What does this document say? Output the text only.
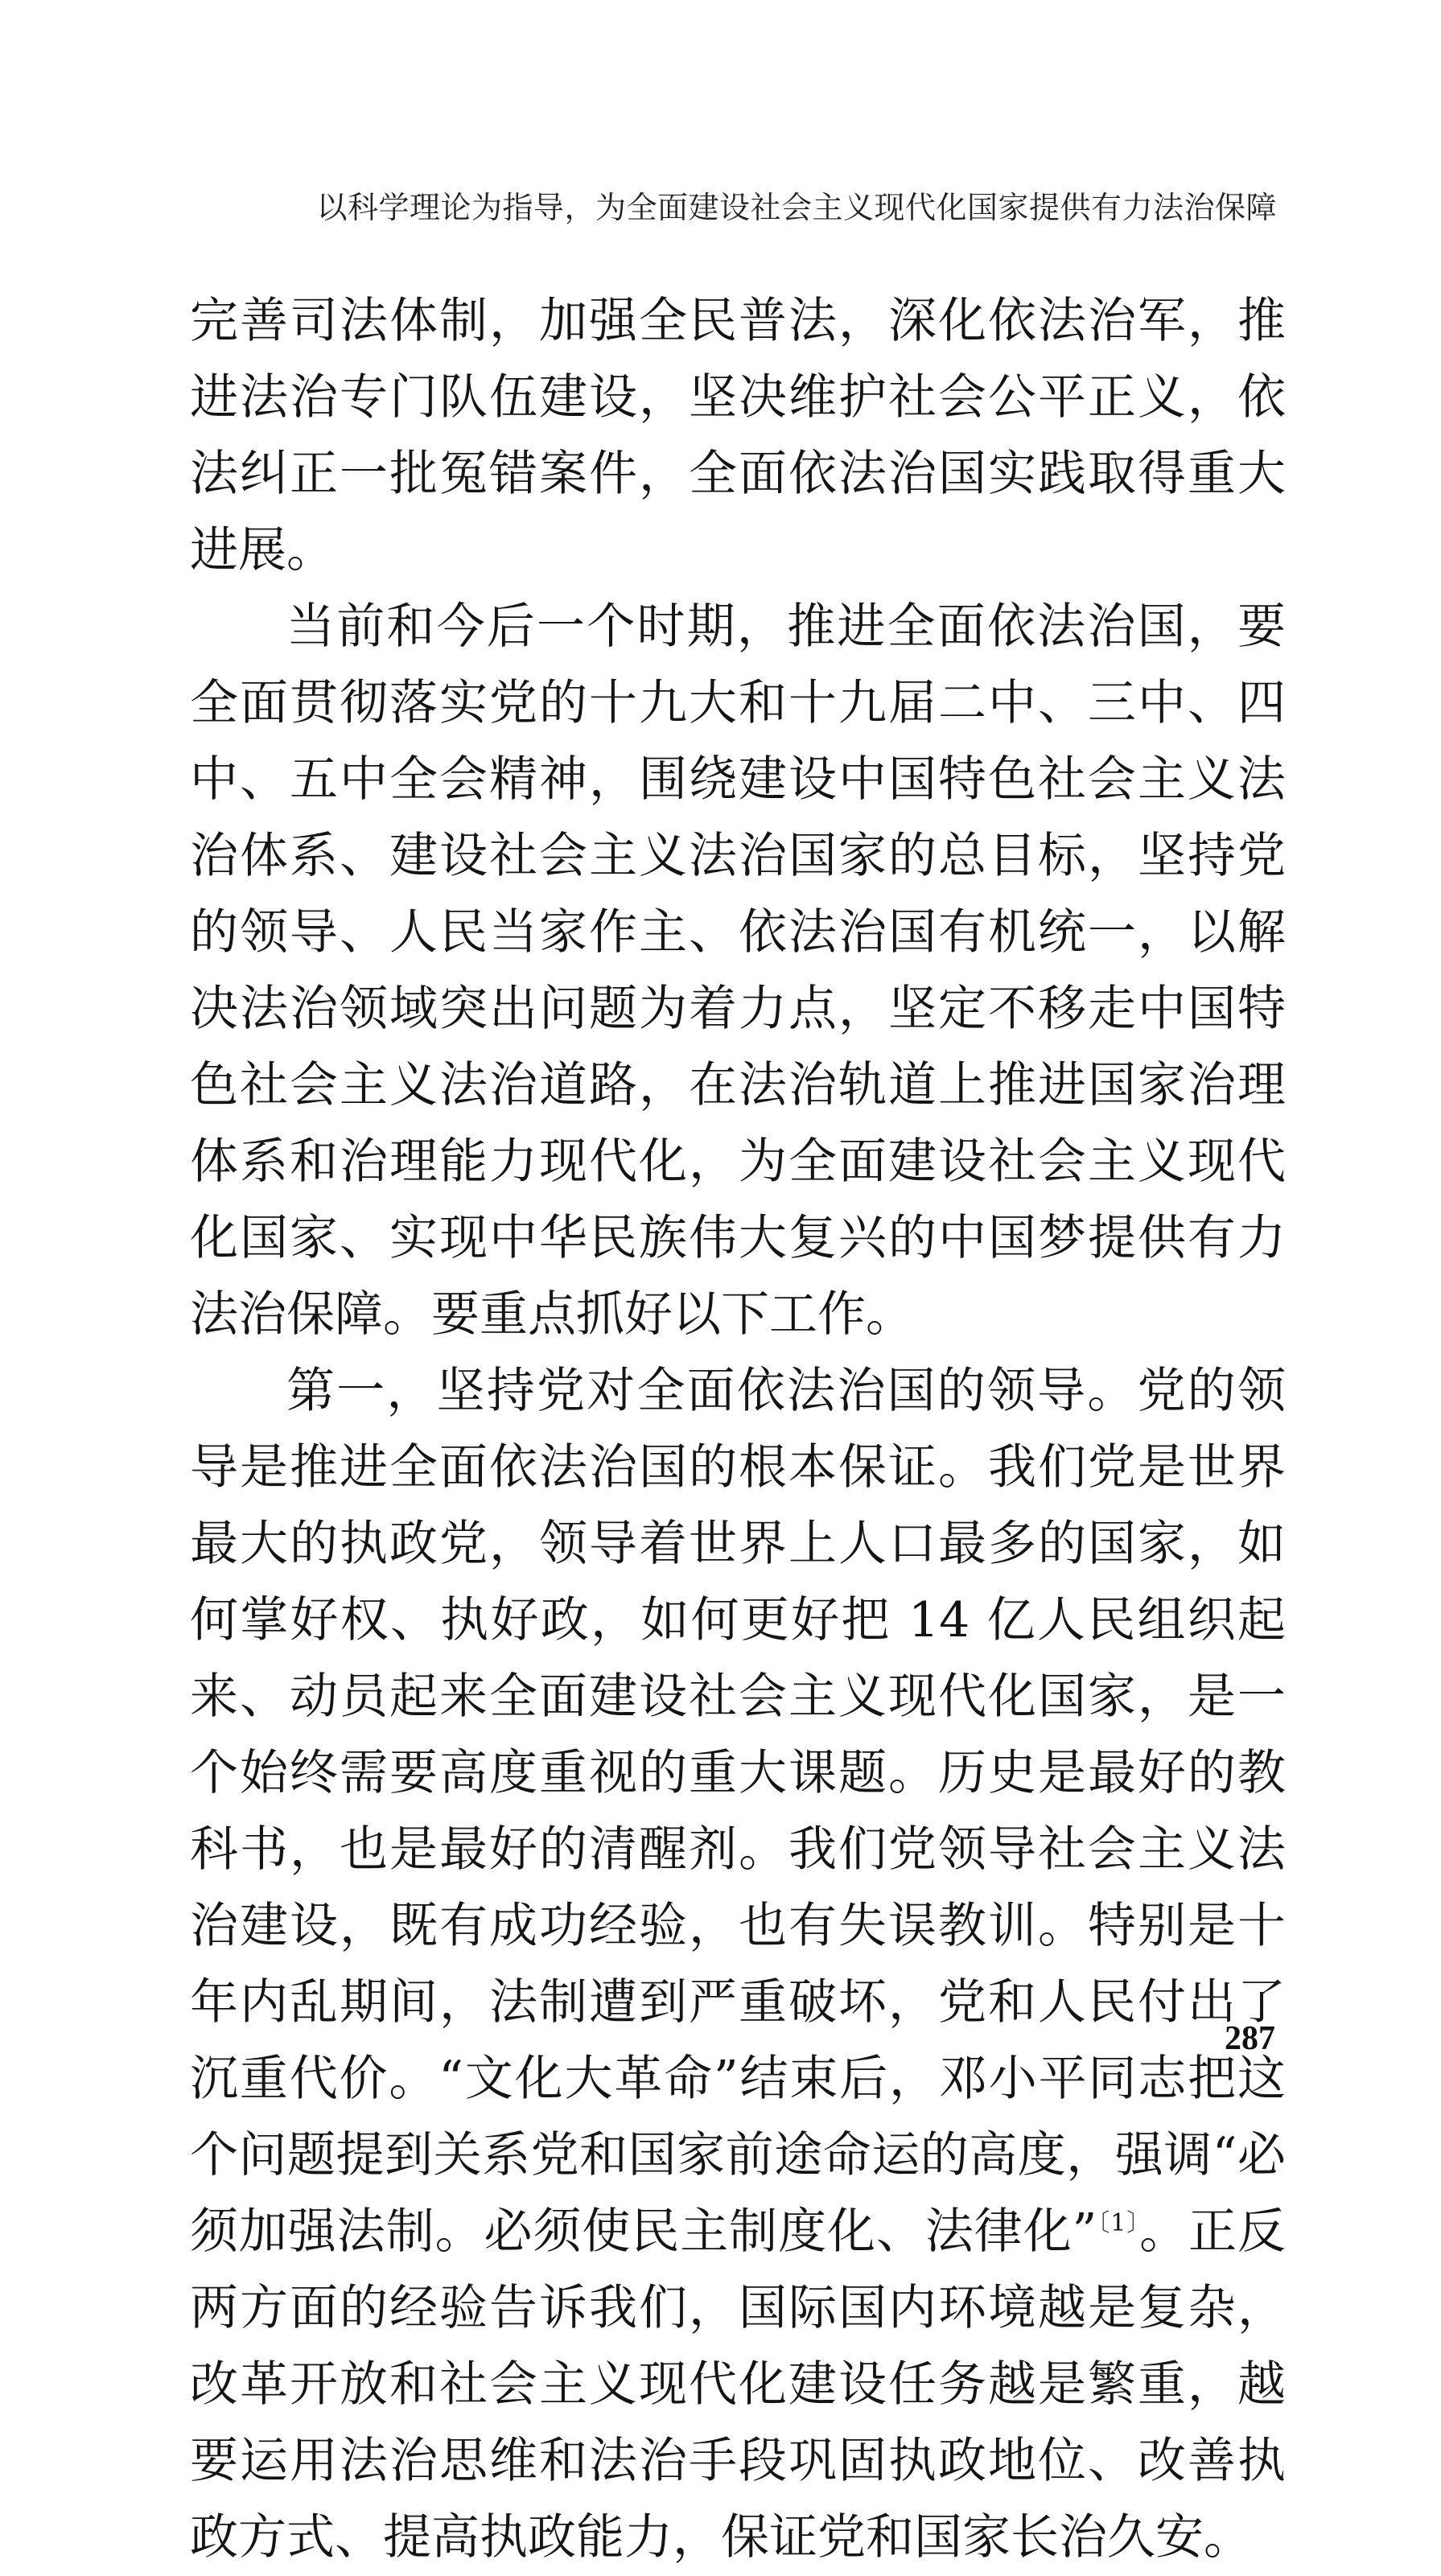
以科学理论为指导，为全面建设社会主义现代化国家提供有力法治保障

完善司法体制，加强全民普法，深化依法治军，推进法治专门队伍建设，坚决维护社会公平正义，依法纠正一批冤错案件，全面依法治国实践取得重大进展。

当前和今后一个时期，推进全面依法治国，要全面贯彻落实党的十九大和十九届二中、三中、四中、五中全会精神，围绕建设中国特色社会主义法治体系、建设社会主义法治国家的总目标，坚持党的领导、人民当家作主、依法治国有机统一，以解决法治领域突出问题为着力点，坚定不移走中国特色社会主义法治道路，在法治轨道上推进国家治理体系和治理能力现代化，为全面建设社会主义现代化国家、实现中华民族伟大复兴的中国梦提供有力法治保障。要重点抓好以下工作。

第一，坚持党对全面依法治国的领导。党的领导是推进全面依法治国的根本保证。我们党是世界最大的执政党，领导着世界上人口最多的国家，如何掌好权、执好政，如何更好把 14 亿人民组织起来、动员起来全面建设社会主义现代化国家，是一个始终需要高度重视的重大课题。历史是最好的教科书，也是最好的清醒剂。我们党领导社会主义法治建设，既有成功经验，也有失误教训。特别是十年内乱期间，法制遭到严重破坏，党和人民付出了沉重代价。“文化大革命”结束后，邓小平同志把这个问题提到关系党和国家前途命运的高度，强调“必须加强法制。必须使民主制度化、法律化”$^{〔1〕}$。正反两方面的经验告诉我们，国际国内环境越是复杂，改革开放和社会主义现代化建设任务越是繁重，越要运用法治思维和法治手段巩固执政地位、改善执政方式、提高执政能力，保证党和国家长治久安。

287
